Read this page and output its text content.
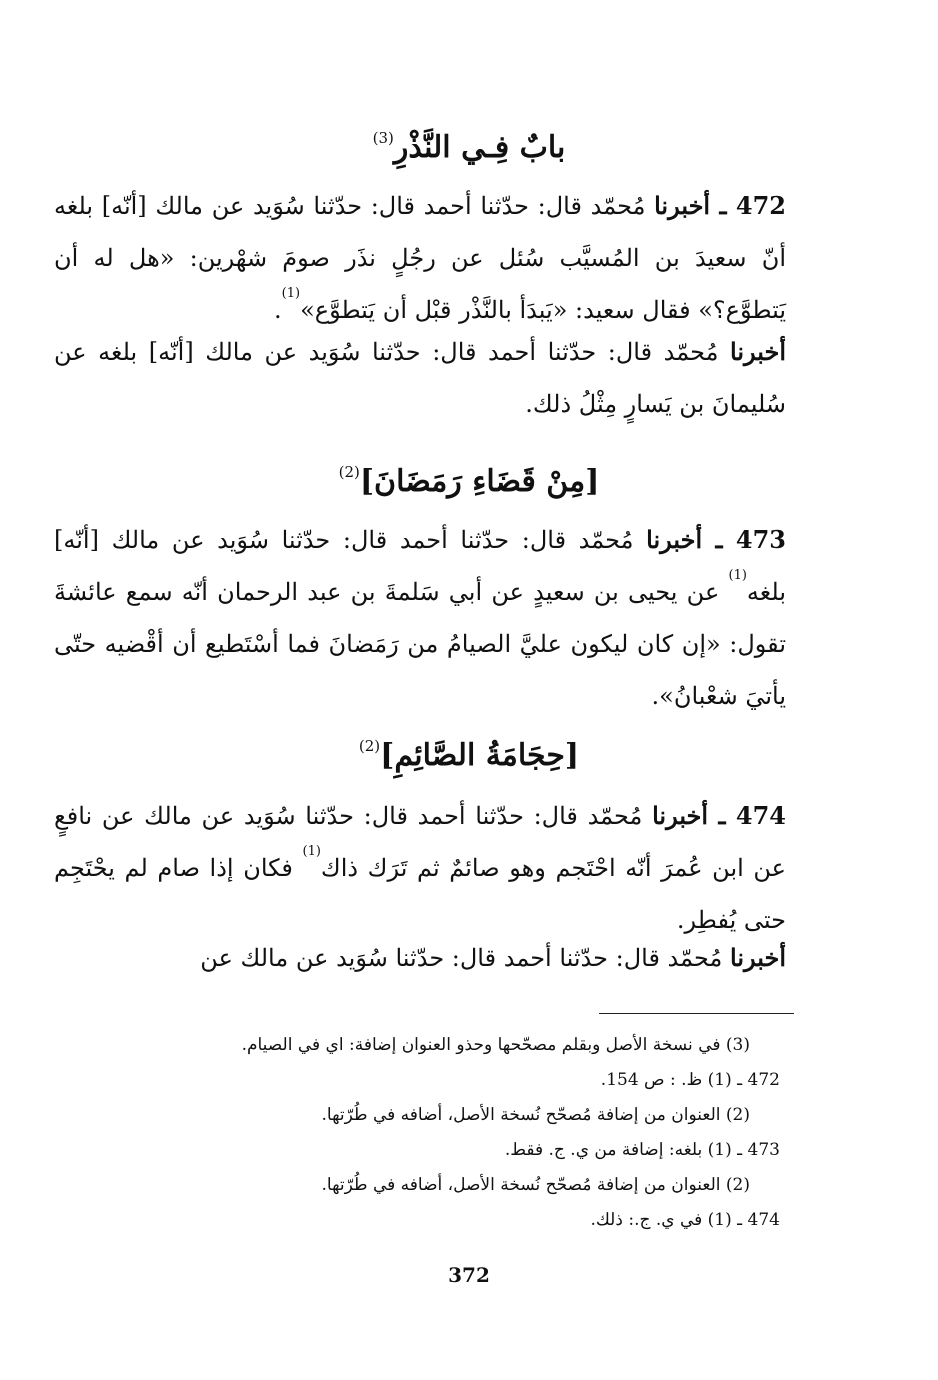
بابٌ فِـي النَّذْرِ$^{(3)}$
472 ـ أخبرنا مُحمّد قال: حدّثنا أحمد قال: حدّثنا سُوَيد عن مالك [أنّه] بلغه أنّ سعيدَ بن المُسيَّب سُئل عن رجُلٍ نذَر صومَ شهْرين: «هل له أن يَتطوَّع؟» فقال سعيد: «يَبدَأ بالنَّذْر قبْل أن يَتطوَّع»$^{(1)}$.
أخبرنا مُحمّد قال: حدّثنا أحمد قال: حدّثنا سُوَيد عن مالك [أنّه] بلغه عن سُليمانَ بن يَسارٍ مِثْلُ ذلك.
[مِنْ قَضَاءِ رَمَضَانَ]$^{(2)}$
473 ـ أخبرنا مُحمّد قال: حدّثنا أحمد قال: حدّثنا سُوَيد عن مالك [أنّه] بلغه$^{(1)}$ عن يحيى بن سعيدٍ عن أبي سَلمةَ بن عبد الرحمان أنّه سمع عائشةَ تقول: «إن كان ليكون عليَّ الصيامُ من رَمَضانَ فما أسْتَطيع أن أقْضيه حتّى يأتيَ شعْبانُ».
[حِجَامَةُ الصَّائِمِ]$^{(2)}$
474 ـ أخبرنا مُحمّد قال: حدّثنا أحمد قال: حدّثنا سُوَيد عن مالك عن نافعٍ عن ابن عُمرَ أنّه احْتَجم وهو صائمٌ ثم تَرَك ذاك$^{(1)}$ فكان إذا صام لم يحْتَجِم حتى يُفطِر.
أخبرنا مُحمّد قال: حدّثنا أحمد قال: حدّثنا سُوَيد عن مالك عن
(3) في نسخة الأصل وبقلم مصحّحها وحذو العنوان إضافة: اي في الصيام.
472 ـ (1) ظ. : ص 154.
(2) العنوان من إضافة مُصحّح نُسخة الأصل، أضافه في طُرّتها.
473 ـ (1) بلغه: إضافة من ي. ج. فقط.
(2) العنوان من إضافة مُصحّح نُسخة الأصل، أضافه في طُرّتها.
474 ـ (1) في ي. ج.: ذلك.
372
